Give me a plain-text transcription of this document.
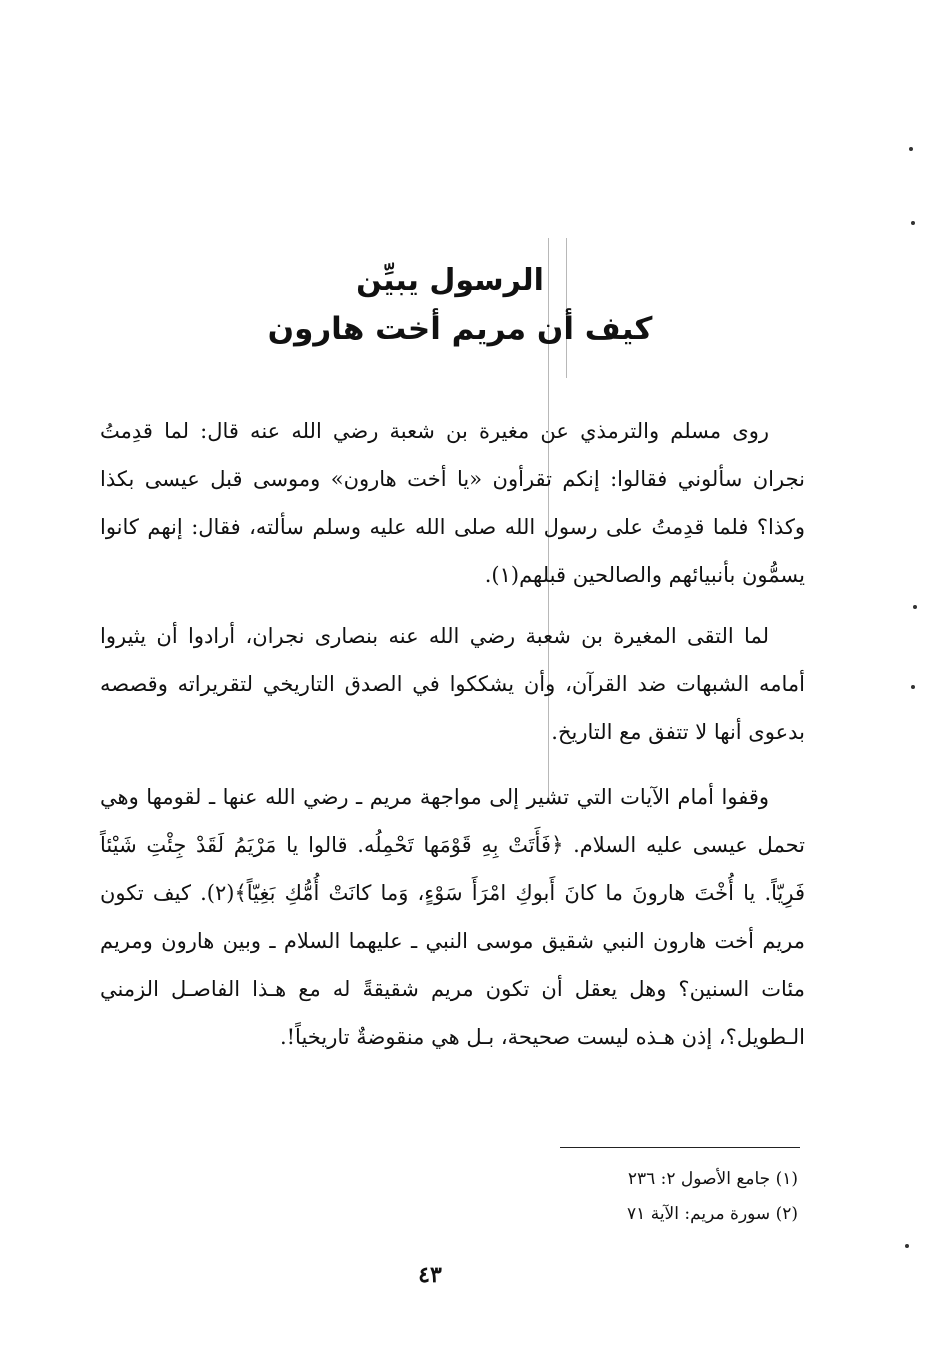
الرسول يبيِّن
كيف أن مريم أخت هارون

روى مسلم والترمذي عن مغيرة بن شعبة رضي الله عنه قال: لما قدِمتُ نجران سألوني فقالوا: إنكم تقرأون «يا أخت هارون» وموسى قبل عيسى بكذا وكذا؟ فلما قدِمتُ على رسول الله صلى الله عليه وسلم سألته، فقال: إنهم كانوا يسمُّون بأنبيائهم والصالحين قبلهم(١).

لما التقى المغيرة بن شعبة رضي الله عنه بنصارى نجران، أرادوا أن يثيروا أمامه الشبهات ضد القرآن، وأن يشككوا في الصدق التاريخي لتقريراته وقصصه بدعوى أنها لا تتفق مع التاريخ.

وقفوا أمام الآيات التي تشير إلى مواجهة مريم ـ رضي الله عنها ـ لقومها وهي تحمل عيسى عليه السلام. ﴿فَأَتَتْ بِهِ قَوْمَها تَحْمِلُه. قالوا يا مَرْيَمُ لَقَدْ جِئْتِ شَيْئاً فَرِيّاً. يا أُخْتَ هارونَ ما كانَ أَبوكِ امْرَأَ سَوْءٍ، وَما كانَتْ أُمُّكِ بَغِيّاً﴾(٢). كيف تكون مريم أخت هارون النبي شقيق موسى النبي ـ عليهما السلام ـ وبين هارون ومريم مئات السنين؟ وهل يعقل أن تكون مريم شقيقةً له مع هـذا الفاصـل الزمني الـطويل؟، إذن هـذه ليست صحيحة، بـل هي منقوضةٌ تاريخياً!.

(١) جامع الأصول ٢: ٢٣٦
(٢) سورة مريم: الآية ٧١
٤٣
